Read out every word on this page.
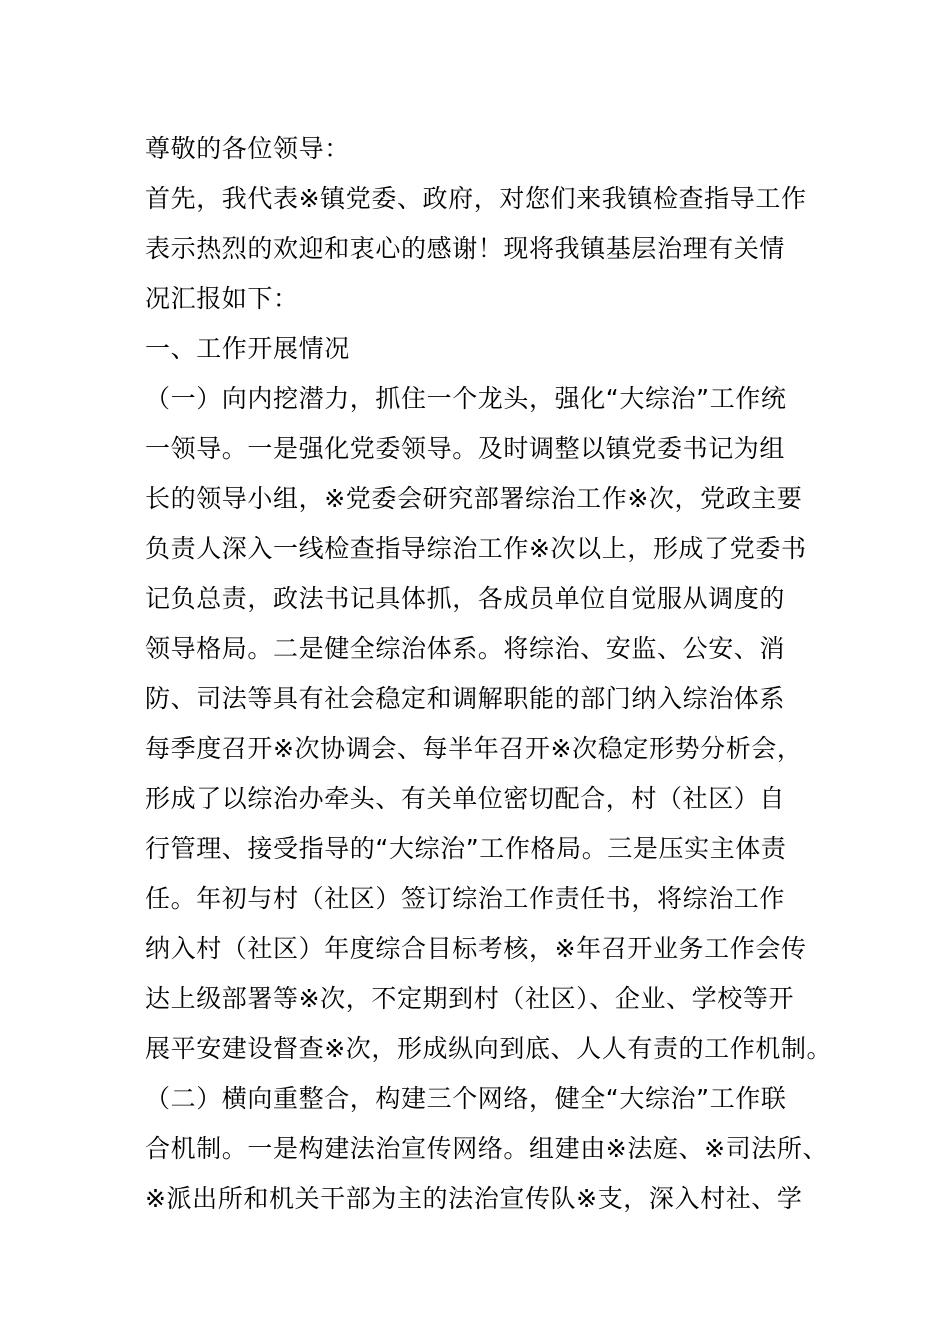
尊敬的各位领导：
首先，我代表※镇党委、政府，对您们来我镇检查指导工作
表示热烈的欢迎和衷心的感谢！现将我镇基层治理有关情
况汇报如下：
一、工作开展情况
（一）向内挖潜力，抓住一个龙头，强化“大综治”工作统
一领导。一是强化党委领导。及时调整以镇党委书记为组
长的领导小组，※党委会研究部署综治工作※次，党政主要
负责人深入一线检查指导综治工作※次以上，形成了党委书
记负总责，政法书记具体抓，各成员单位自觉服从调度的
领导格局。二是健全综治体系。将综治、安监、公安、消
防、司法等具有社会稳定和调解职能的部门纳入综治体系
每季度召开※次协调会、每半年召开※次稳定形势分析会，
形成了以综治办牵头、有关单位密切配合，村（社区）自
行管理、接受指导的“大综治”工作格局。三是压实主体责
任。年初与村（社区）签订综治工作责任书，将综治工作
纳入村（社区）年度综合目标考核，※年召开业务工作会传
达上级部署等※次，不定期到村（社区）、企业、学校等开
展平安建设督查※次，形成纵向到底、人人有责的工作机制。
（二）横向重整合，构建三个网络，健全“大综治”工作联
合机制。一是构建法治宣传网络。组建由※法庭、※司法所、
※派出所和机关干部为主的法治宣传队※支，深入村社、学
